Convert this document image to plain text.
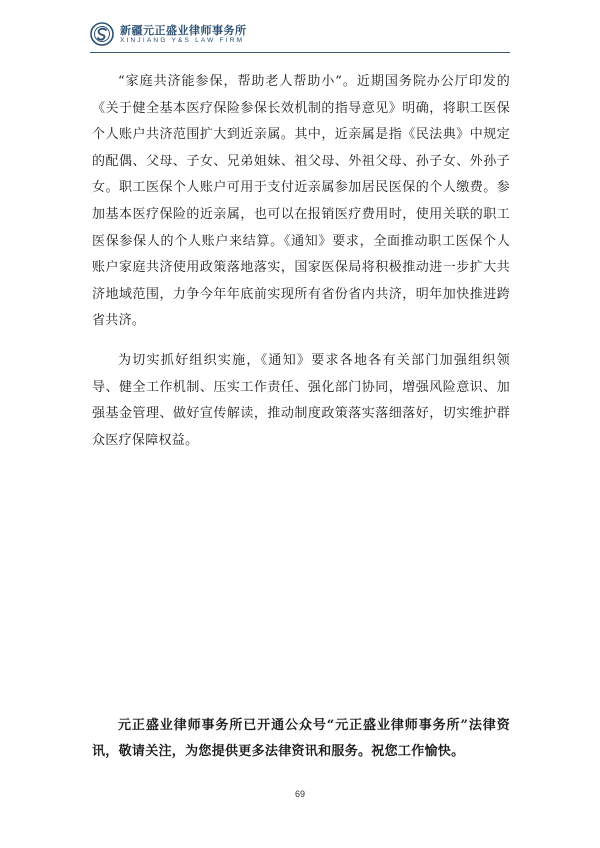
新疆元正盛业律师事务所
XINJIANG Y&S LAW FIRM

“家庭共济能参保，帮助老人帮助小”。近期国务院办公厅印发的《关于健全基本医疗保险参保长效机制的指导意见》明确，将职工医保个人账户共济范围扩大到近亲属。其中，近亲属是指《民法典》中规定的配偶、父母、子女、兄弟姐妹、祖父母、外祖父母、孙子女、外孙子女。职工医保个人账户可用于支付近亲属参加居民医保的个人缴费。参加基本医疗保险的近亲属，也可以在报销医疗费用时，使用关联的职工医保参保人的个人账户来结算。《通知》要求，全面推动职工医保个人账户家庭共济使用政策落地落实，国家医保局将积极推动进一步扩大共济地域范围，力争今年年底前实现所有省份省内共济，明年加快推进跨省共济。

为切实抓好组织实施，《通知》要求各地各有关部门加强组织领导、健全工作机制、压实工作责任、强化部门协同，增强风险意识、加强基金管理、做好宣传解读，推动制度政策落实落细落好，切实维护群众医疗保障权益。

元正盛业律师事务所已开通公众号“元正盛业律师事务所”法律资讯，敬请关注，为您提供更多法律资讯和服务。祝您工作愉快。
69
